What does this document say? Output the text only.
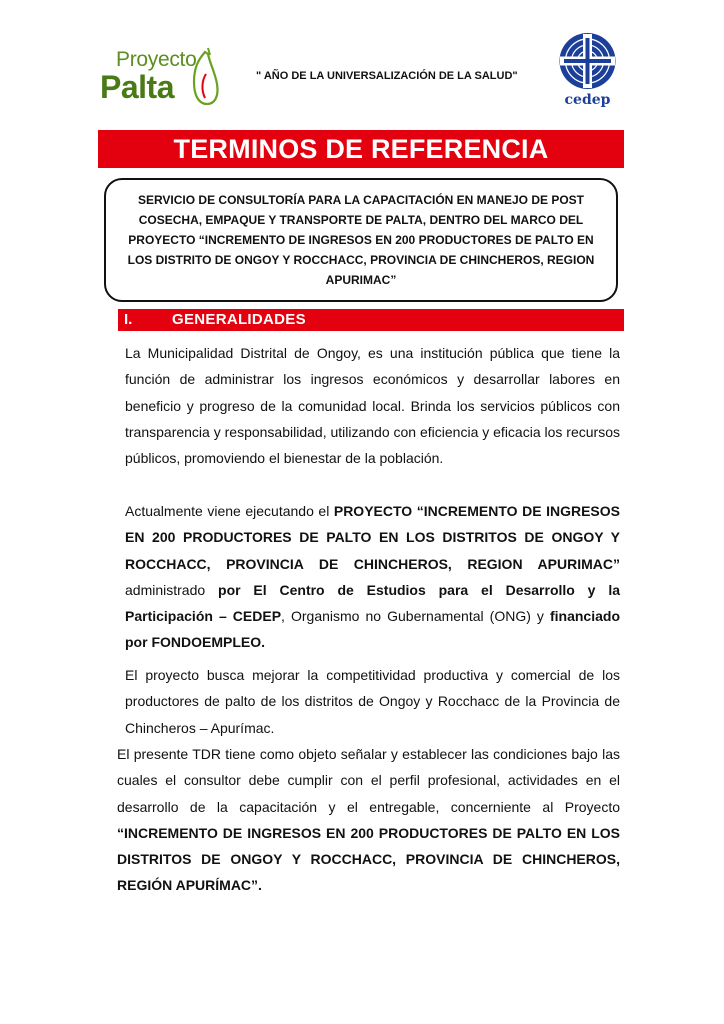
Proyecto
Palta	" AÑO DE LA UNIVERSALIZACIÓN DE LA SALUD"
cedep
TERMINOS DE REFERENCIA

SERVICIO DE CONSULTORÍA PARA LA CAPACITACIÓN EN MANEJO DE POST COSECHA, EMPAQUE Y TRANSPORTE DE PALTA, DENTRO DEL MARCO DEL PROYECTO “INCREMENTO DE INGRESOS EN 200 PRODUCTORES DE PALTO EN LOS DISTRITO DE ONGOY Y ROCCHACC, PROVINCIA DE CHINCHEROS, REGION APURIMAC”

I.	GENERALIDADES

La Municipalidad Distrital de Ongoy, es una institución pública que tiene la función de administrar los ingresos económicos y desarrollar labores en beneficio y progreso de la comunidad local. Brinda los servicios públicos con transparencia y responsabilidad, utilizando con eficiencia y eficacia los recursos públicos, promoviendo el bienestar de la población.

Actualmente viene ejecutando el PROYECTO “INCREMENTO DE INGRESOS EN 200 PRODUCTORES DE PALTO EN LOS DISTRITOS DE ONGOY Y ROCCHACC, PROVINCIA DE CHINCHEROS, REGION APURIMAC” administrado por El Centro de Estudios para el Desarrollo y la Participación – CEDEP, Organismo no Gubernamental (ONG) y financiado por FONDOEMPLEO.

El proyecto busca mejorar la competitividad productiva y comercial de los productores de palto de los distritos de Ongoy y Rocchacc de la Provincia de Chincheros – Apurímac.

El presente TDR tiene como objeto señalar y establecer las condiciones bajo las cuales el consultor debe cumplir con el perfil profesional, actividades en el desarrollo de la capacitación y el entregable, concerniente al Proyecto “INCREMENTO DE INGRESOS EN 200 PRODUCTORES DE PALTO EN LOS DISTRITOS DE ONGOY Y ROCCHACC, PROVINCIA DE CHINCHEROS, REGIÓN APURÍMAC”.
